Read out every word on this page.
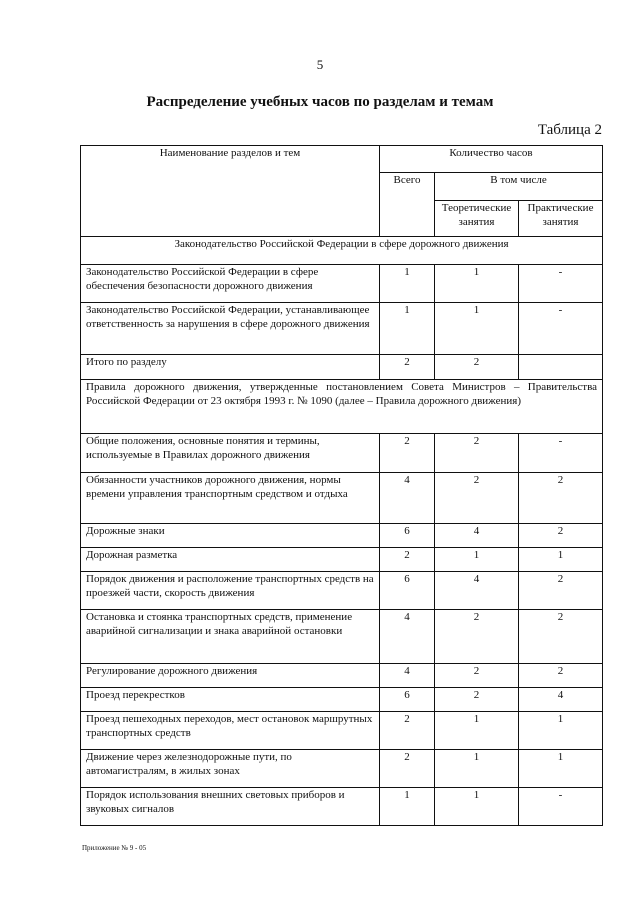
5
Распределение учебных часов по разделам и темам
Таблица 2
Наименование разделов и тем	Количество часов		
	Всего	В том числе	
		Теоретические занятия	Практические занятия
Законодательство Российской Федерации в сфере дорожного движения			
Законодательство Российской Федерации в сфере обеспечения безопасности дорожного движения	1	1	-
Законодательство Российской Федерации, устанавливающее ответственность за нарушения в сфере дорожного движения	1	1	-
Итого по разделу	2	2	
Правила дорожного движения, утвержденные постановлением Совета Министров – Правительства Российской Федерации от 23 октября 1993 г. № 1090 (далее – Правила дорожного движения)			
Общие положения, основные понятия и термины, используемые в Правилах дорожного движения	2	2	-
Обязанности участников дорожного движения, нормы времени управления транспортным средством и отдыха	4	2	2
Дорожные знаки	6	4	2
Дорожная разметка	2	1	1
Порядок движения и расположение транспортных средств на проезжей части, скорость движения	6	4	2
Остановка и стоянка транспортных средств, применение аварийной сигнализации и знака аварийной остановки	4	2	2
Регулирование дорожного движения	4	2	2
Проезд перекрестков	6	2	4
Проезд пешеходных переходов, мест остановок маршрутных транспортных средств	2	1	1
Движение через железнодорожные пути, по автомагистралям, в жилых зонах	2	1	1
Порядок использования внешних световых приборов и звуковых сигналов	1	1	-
Приложение № 9 - 05
